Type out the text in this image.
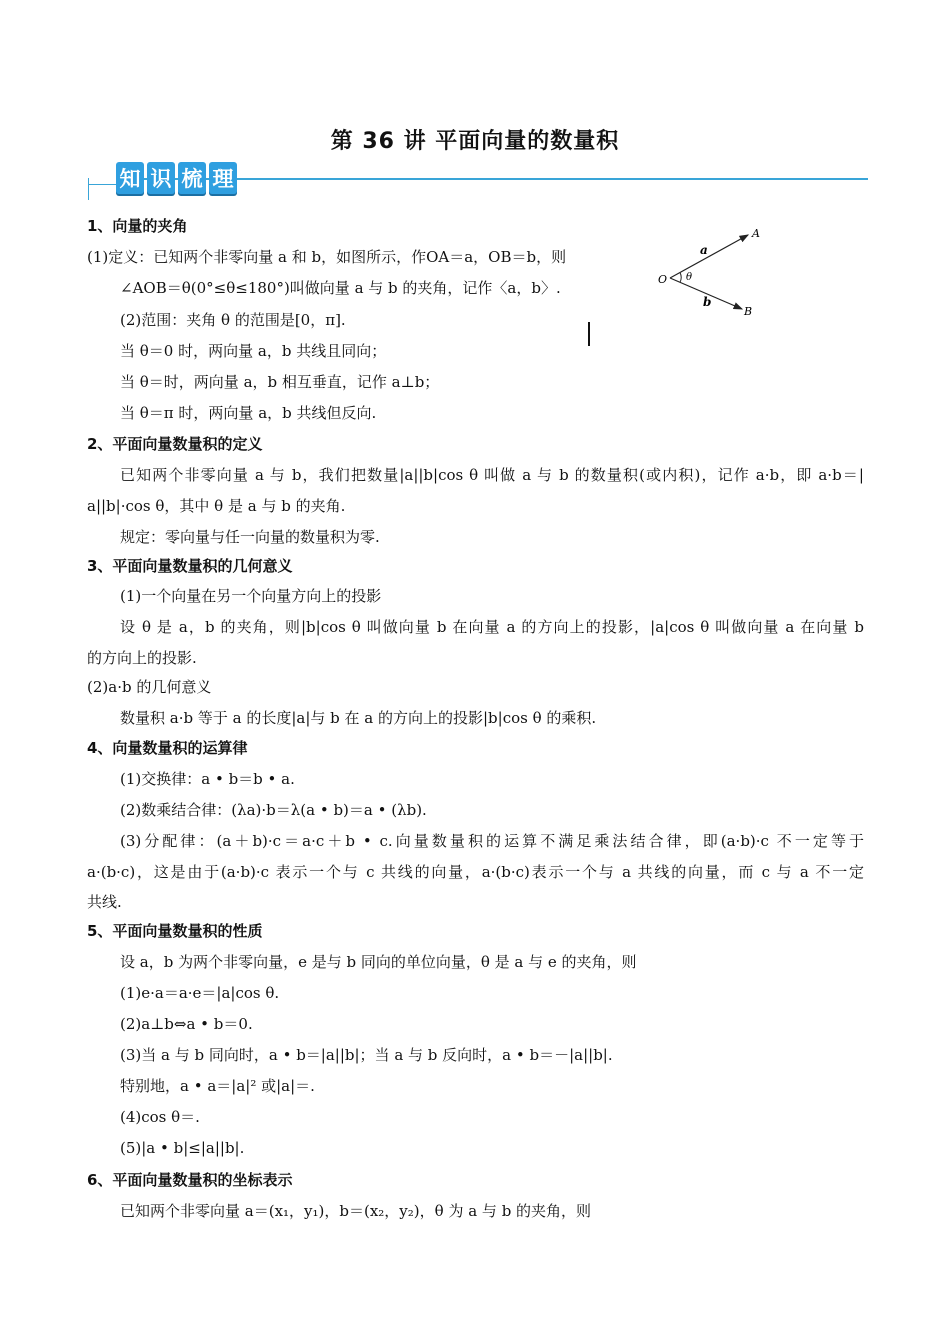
第 36 讲 平面向量的数量积
知 识 梳 理
O θ
a
b
A
B
1、向量的夹角
(1)定义：已知两个非零向量 a 和 b，如图所示，作OA＝a，OB＝b，则
∠AOB＝θ(0°≤θ≤180°)叫做向量 a 与 b 的夹角，记作〈a，b〉.
(2)范围：夹角 θ 的范围是[0，π].
当 θ＝0 时，两向量 a，b 共线且同向；
当 θ＝时，两向量 a，b 相互垂直，记作 a⊥b；
当 θ＝π 时，两向量 a，b 共线但反向.
2、平面向量数量积的定义
已知两个非零向量 a 与 b，我们把数量|a||b|cos θ 叫做 a 与 b 的数量积(或内积)，记作 a·b，即 a·b＝|
a||b|·cos θ，其中 θ 是 a 与 b 的夹角.
规定：零向量与任一向量的数量积为零.
3、平面向量数量积的几何意义
(1)一个向量在另一个向量方向上的投影
设 θ 是 a，b 的夹角，则|b|cos θ 叫做向量 b 在向量 a 的方向上的投影，|a|cos θ 叫做向量 a 在向量 b
的方向上的投影.
(2)a·b 的几何意义
数量积 a·b 等于 a 的长度|a|与 b 在 a 的方向上的投影|b|cos θ 的乘积.
4、向量数量积的运算律
(1)交换律：a • b＝b • a.
(2)数乘结合律：(λa)·b＝λ(a • b)＝a • (λb).
(3)分配律：(a＋b)·c＝a·c＋b • c.向量数量积的运算不满足乘法结合律，即(a·b)·c 不一定等于
a·(b·c)，这是由于(a·b)·c 表示一个与 c 共线的向量，a·(b·c)表示一个与 a 共线的向量，而 c 与 a 不一定
共线.
5、平面向量数量积的性质
设 a，b 为两个非零向量，e 是与 b 同向的单位向量，θ 是 a 与 e 的夹角，则
(1)e·a＝a·e＝|a|cos θ.
(2)a⊥b⇔a • b＝0.
(3)当 a 与 b 同向时，a • b＝|a||b|；当 a 与 b 反向时，a • b＝－|a||b|.
特别地，a • a＝|a|² 或|a|＝.
(4)cos θ＝.
(5)|a • b|≤|a||b|.
6、平面向量数量积的坐标表示
已知两个非零向量 a＝(x₁，y₁)，b＝(x₂，y₂)，θ 为 a 与 b 的夹角，则
